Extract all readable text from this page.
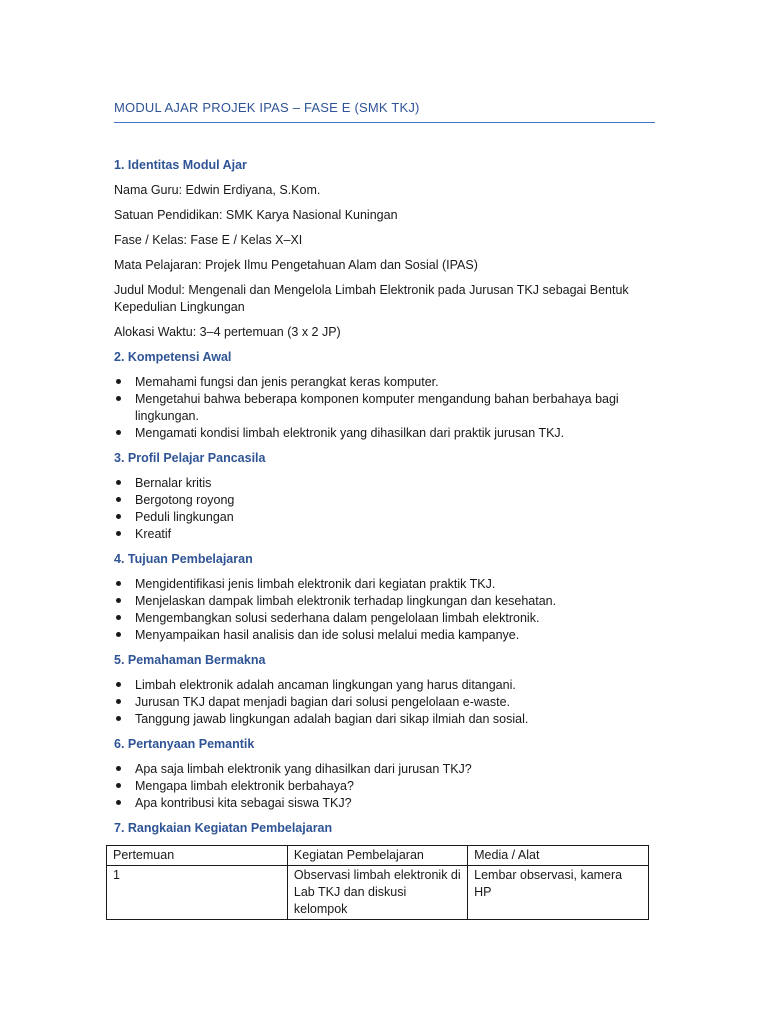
MODUL AJAR PROJEK IPAS – FASE E (SMK TKJ)
1. Identitas Modul Ajar

Nama Guru: Edwin Erdiyana, S.Kom.

Satuan Pendidikan: SMK Karya Nasional Kuningan

Fase / Kelas: Fase E / Kelas X–XI

Mata Pelajaran: Projek Ilmu Pengetahuan Alam dan Sosial (IPAS)

Judul Modul: Mengenali dan Mengelola Limbah Elektronik pada Jurusan TKJ sebagai Bentuk Kepedulian Lingkungan

Alokasi Waktu: 3–4 pertemuan (3 x 2 JP)

2. Kompetensi Awal
Memahami fungsi dan jenis perangkat keras komputer.
Mengetahui bahwa beberapa komponen komputer mengandung bahan berbahaya bagi lingkungan.
Mengamati kondisi limbah elektronik yang dihasilkan dari praktik jurusan TKJ.
3. Profil Pelajar Pancasila
Bernalar kritis
Bergotong royong
Peduli lingkungan
Kreatif
4. Tujuan Pembelajaran
Mengidentifikasi jenis limbah elektronik dari kegiatan praktik TKJ.
Menjelaskan dampak limbah elektronik terhadap lingkungan dan kesehatan.
Mengembangkan solusi sederhana dalam pengelolaan limbah elektronik.
Menyampaikan hasil analisis dan ide solusi melalui media kampanye.
5. Pemahaman Bermakna
Limbah elektronik adalah ancaman lingkungan yang harus ditangani.
Jurusan TKJ dapat menjadi bagian dari solusi pengelolaan e-waste.
Tanggung jawab lingkungan adalah bagian dari sikap ilmiah dan sosial.
6. Pertanyaan Pemantik
Apa saja limbah elektronik yang dihasilkan dari jurusan TKJ?
Mengapa limbah elektronik berbahaya?
Apa kontribusi kita sebagai siswa TKJ?
7. Rangkaian Kegiatan Pembelajaran
Pertemuan	Kegiatan Pembelajaran	Media / Alat
1	Observasi limbah elektronik di Lab TKJ dan diskusi kelompok	Lembar observasi, kamera HP
